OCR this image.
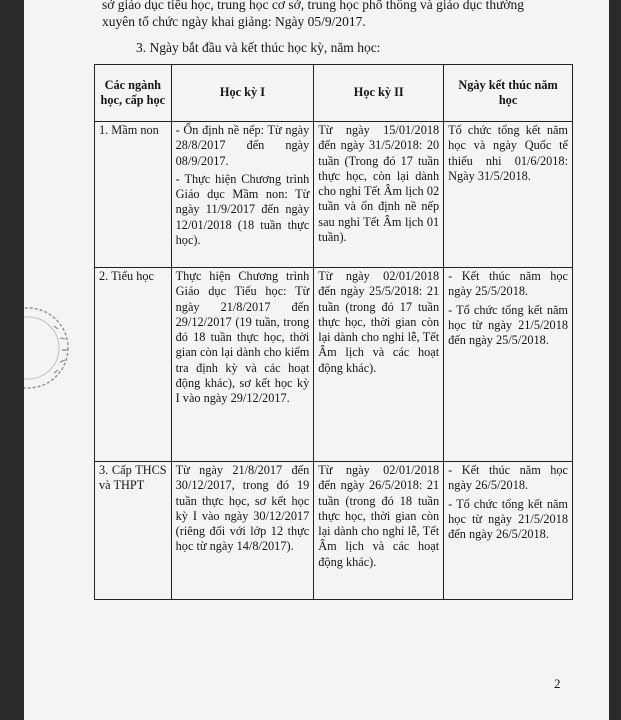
sở giáo dục tiểu học, trung học cơ sở, trung học phổ thông và giáo dục thường
xuyên tổ chức ngày khai giảng: Ngày 05/9/2017.
3. Ngày bắt đầu và kết thúc học kỳ, năm học:
Các ngành học, cấp học	Học kỳ I	Học kỳ II	Ngày kết thúc năm học
1. Mầm non	- Ổn định nề nếp: Từ ngày 28/8/2017 đến ngày 08/9/2017.

- Thực hiện Chương trình Giáo dục Mầm non: Từ ngày 11/9/2017 đến ngày 12/01/2018 (18 tuần thực học).	Từ ngày 15/01/2018 đến ngày 31/5/2018: 20 tuần (Trong đó 17 tuần thực học, còn lại dành cho nghỉ Tết Âm lịch 02 tuần và ổn định nề nếp sau nghỉ Tết Âm lịch 01 tuần).	Tổ chức tổng kết năm học và ngày Quốc tế thiếu nhi 01/6/2018: Ngày 31/5/2018.

2. Tiểu học	Thực hiện Chương trình Giáo dục Tiểu học: Từ ngày 21/8/2017 đến 29/12/2017 (19 tuần, trong đó 18 tuần thực học, thời gian còn lại dành cho kiểm tra định kỳ và các hoạt động khác), sơ kết học kỳ I vào ngày 29/12/2017.	Từ ngày 02/01/2018 đến ngày 25/5/2018: 21 tuần (trong đó 17 tuần thực học, thời gian còn lại dành cho nghỉ lễ, Tết Âm lịch và các hoạt động khác).	- Kết thúc năm học ngày 25/5/2018.

- Tổ chức tổng kết năm học từ ngày 21/5/2018 đến ngày 25/5/2018.

3. Cấp THCS và THPT	Từ ngày 21/8/2017 đến 30/12/2017, trong đó 19 tuần thực học, sơ kết học kỳ I vào ngày 30/12/2017 (riêng đối với lớp 12 thực học từ ngày 14/8/2017).	Từ ngày 02/01/2018 đến ngày 26/5/2018: 21 tuần (trong đó 18 tuần thực học, thời gian còn lại dành cho nghỉ lễ, Tết Âm lịch và các hoạt động khác).	- Kết thúc năm học ngày 26/5/2018.

- Tổ chức tổng kết năm học từ ngày 21/5/2018 đến ngày 26/5/2018.

2
